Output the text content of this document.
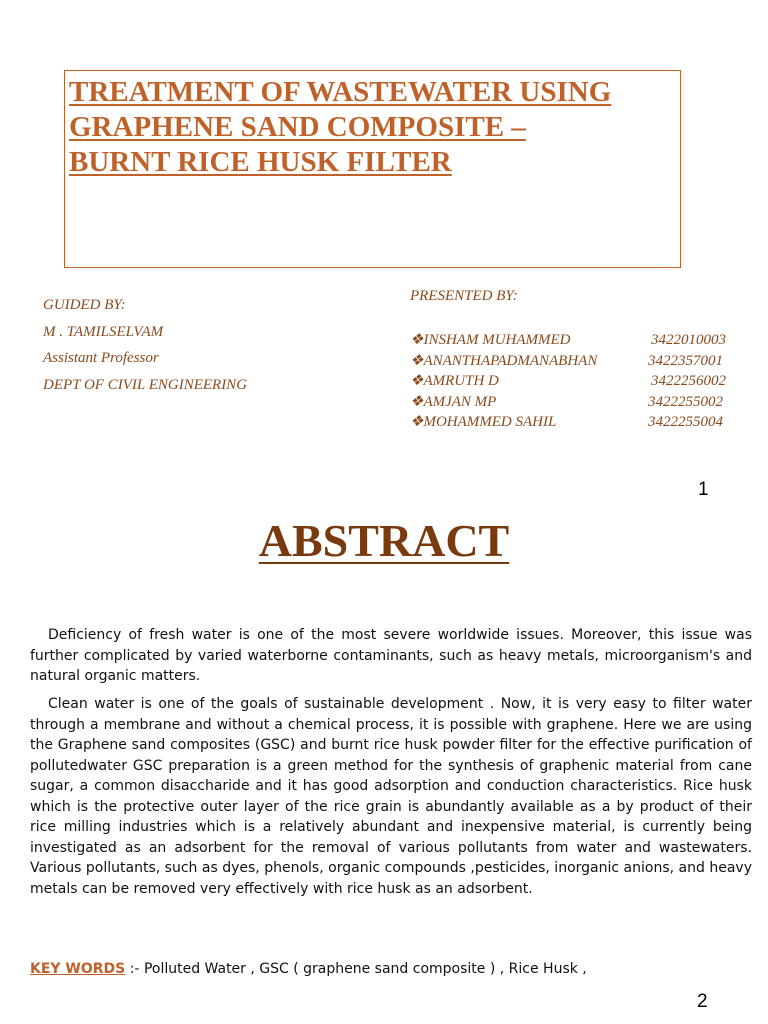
TREATMENT OF WASTEWATER USING
GRAPHENE SAND COMPOSITE –
BURNT RICE HUSK FILTER
GUIDED BY:
M . TAMILSELVAM
Assistant Professor
DEPT OF CIVIL ENGINEERING
PRESENTED BY:
❖INSHAM MUHAMMED	3422010003
❖ANANTHAPADMANABHAN	3422357001
❖AMRUTH D	3422256002
❖AMJAN MP	3422255002
❖MOHAMMED SAHIL	3422255004
1
ABSTRACT

Deficiency of fresh water is one of the most severe worldwide issues. Moreover, this issue was further complicated by varied waterborne contaminants, such as heavy metals, microorganism's and natural organic matters.

Clean water is one of the goals of sustainable development . Now, it is very easy to filter water through a membrane and without a chemical process, it is possible with graphene. Here we are using the Graphene sand composites (GSC) and burnt rice husk powder filter for the effective purification of pollutedwater GSC preparation is a green method for the synthesis of graphenic material from cane sugar, a common disaccharide and it has good adsorption and conduction characteristics. Rice husk which is the protective outer layer of the rice grain is abundantly available as a by product of their rice milling industries which is a relatively abundant and inexpensive material, is currently being investigated as an adsorbent for the removal of various pollutants from water and wastewaters. Various pollutants, such as dyes, phenols, organic compounds ,pesticides, inorganic anions, and heavy metals can be removed very effectively with rice husk as an adsorbent.

KEY WORDS :- Polluted Water , GSC ( graphene sand composite ) , Rice Husk ,

2
